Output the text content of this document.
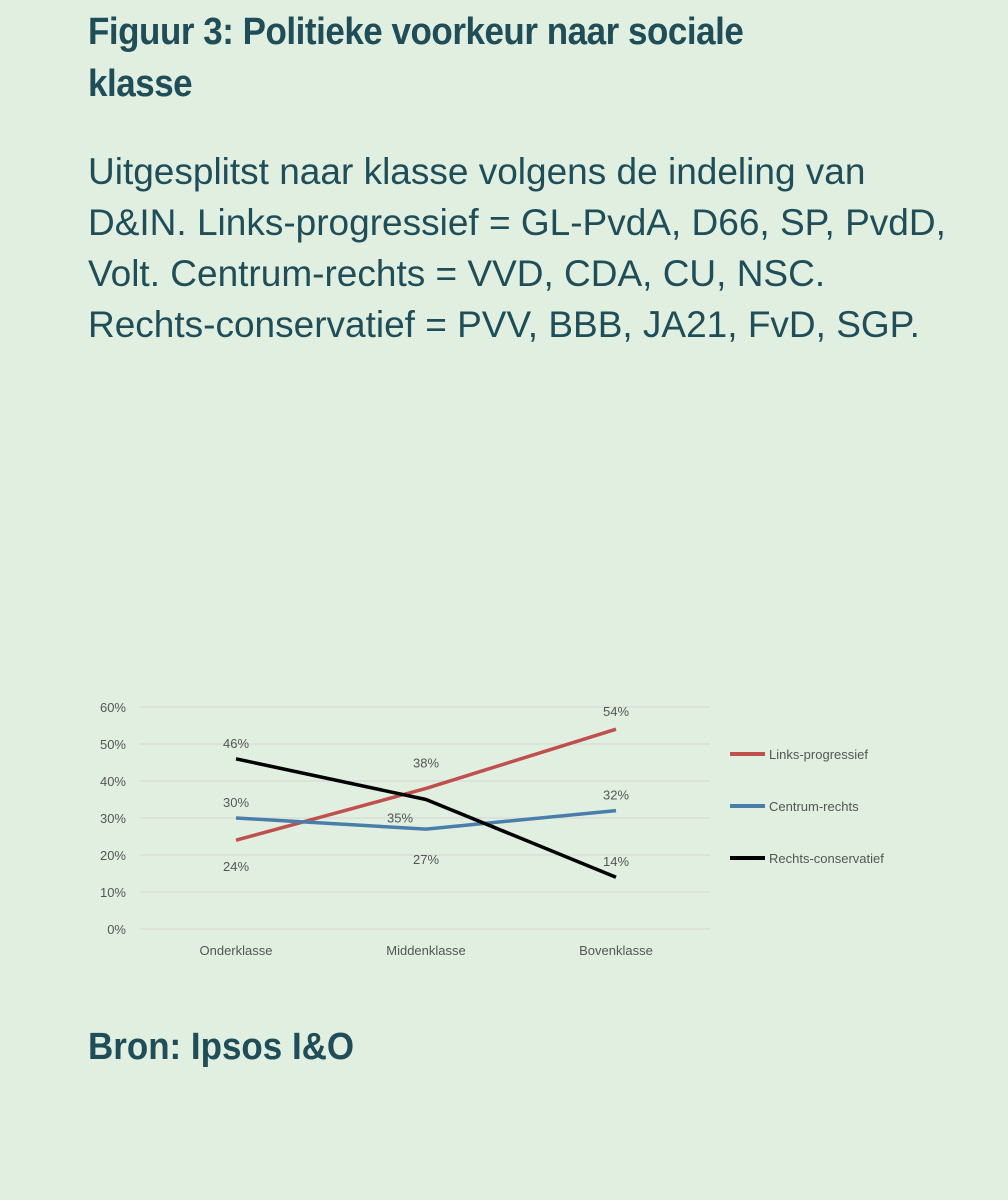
Figuur 3: Politieke voorkeur naar sociale klasse
Uitgesplitst naar klasse volgens de indeling van D&IN. Links-progressief = GL-PvdA, D66, SP, PvdD, Volt. Centrum-rechts = VVD, CDA, CU, NSC. Rechts-conservatief = PVV, BBB, JA21, FvD, SGP.
0%
10%
20%
30%
40%
50%
60%
Onderklasse	Middenklasse	Bovenklasse
24%
38%
54%
Links-progressief
30%
27%
32%
Centrum-rechts
46%
35%
14%	Rechts-conservatief
Bron: Ipsos I&O
